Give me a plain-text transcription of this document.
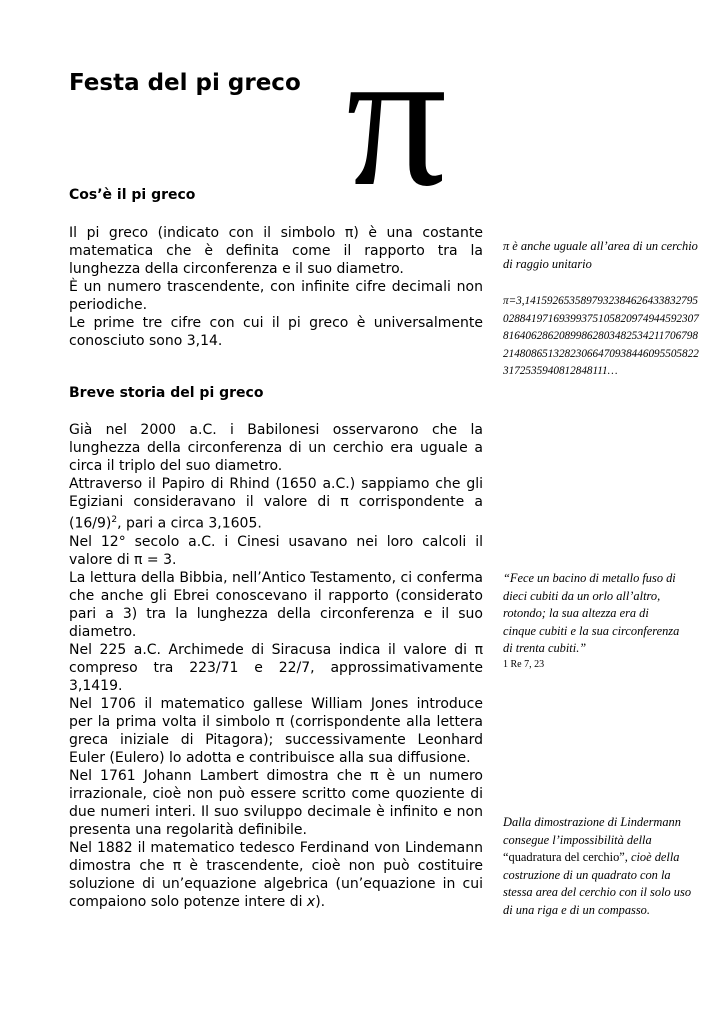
Festa del pi greco π
Cos’è il pi greco

Il pi greco (indicato con il simbolo π) è una costante matematica che è definita come il rapporto tra la lunghezza della circonferenza e il suo diametro.

È un numero trascendente, con infinite cifre decimali non periodiche.

Le prime tre cifre con cui il pi greco è universalmente conosciuto sono 3,14.

Breve storia del pi greco

Già nel 2000 a.C. i Babilonesi osservarono che la lunghezza della circonferenza di un cerchio era uguale a circa il triplo del suo diametro.

Attraverso il Papiro di Rhind (1650 a.C.) sappiamo che gli Egiziani consideravano il valore di π corrispondente a $(16/9)^2$, pari a circa 3,1605.

Nel 12° secolo a.C. i Cinesi usavano nei loro calcoli il valore di π = 3.

La lettura della Bibbia, nell’Antico Testamento, ci conferma che anche gli Ebrei conoscevano il rapporto (considerato pari a 3) tra la lunghezza della circonferenza e il suo diametro.

Nel 225 a.C. Archimede di Siracusa indica il valore di π compreso tra 223/71 e 22/7, approssimativamente 3,1419.

Nel 1706 il matematico gallese William Jones introduce per la prima volta il simbolo π (corrispondente alla lettera greca iniziale di Pitagora); successivamente Leonhard Euler (Eulero) lo adotta e contribuisce alla sua diffusione.

Nel 1761 Johann Lambert dimostra che π è un numero irrazionale, cioè non può essere scritto come quoziente di due numeri interi. Il suo sviluppo decimale è infinito e non presenta una regolarità definibile.

Nel 1882 il matematico tedesco Ferdinand von Lindemann dimostra che π è trascendente, cioè non può costituire soluzione di un’equazione algebrica (un’equazione in cui compaiono solo potenze intere di x).

π è anche uguale all’area di un cerchio di raggio unitario

π=3,14159265358979323846264338327950288419716939937510582097494459230781640628620899862803482534211706798214808651328230664709384460955058223172535940812848111…

“Fece un bacino di metallo fuso di dieci cubiti da un orlo all’altro, rotondo; la sua altezza era di cinque cubiti e la sua circonferenza di trenta cubiti.”

1 Re 7, 23

Dalla dimostrazione di Lindermann consegue l’impossibilità della “quadratura del cerchio”, cioè della costruzione di un quadrato con la stessa area del cerchio con il solo uso di una riga e di un compasso.
